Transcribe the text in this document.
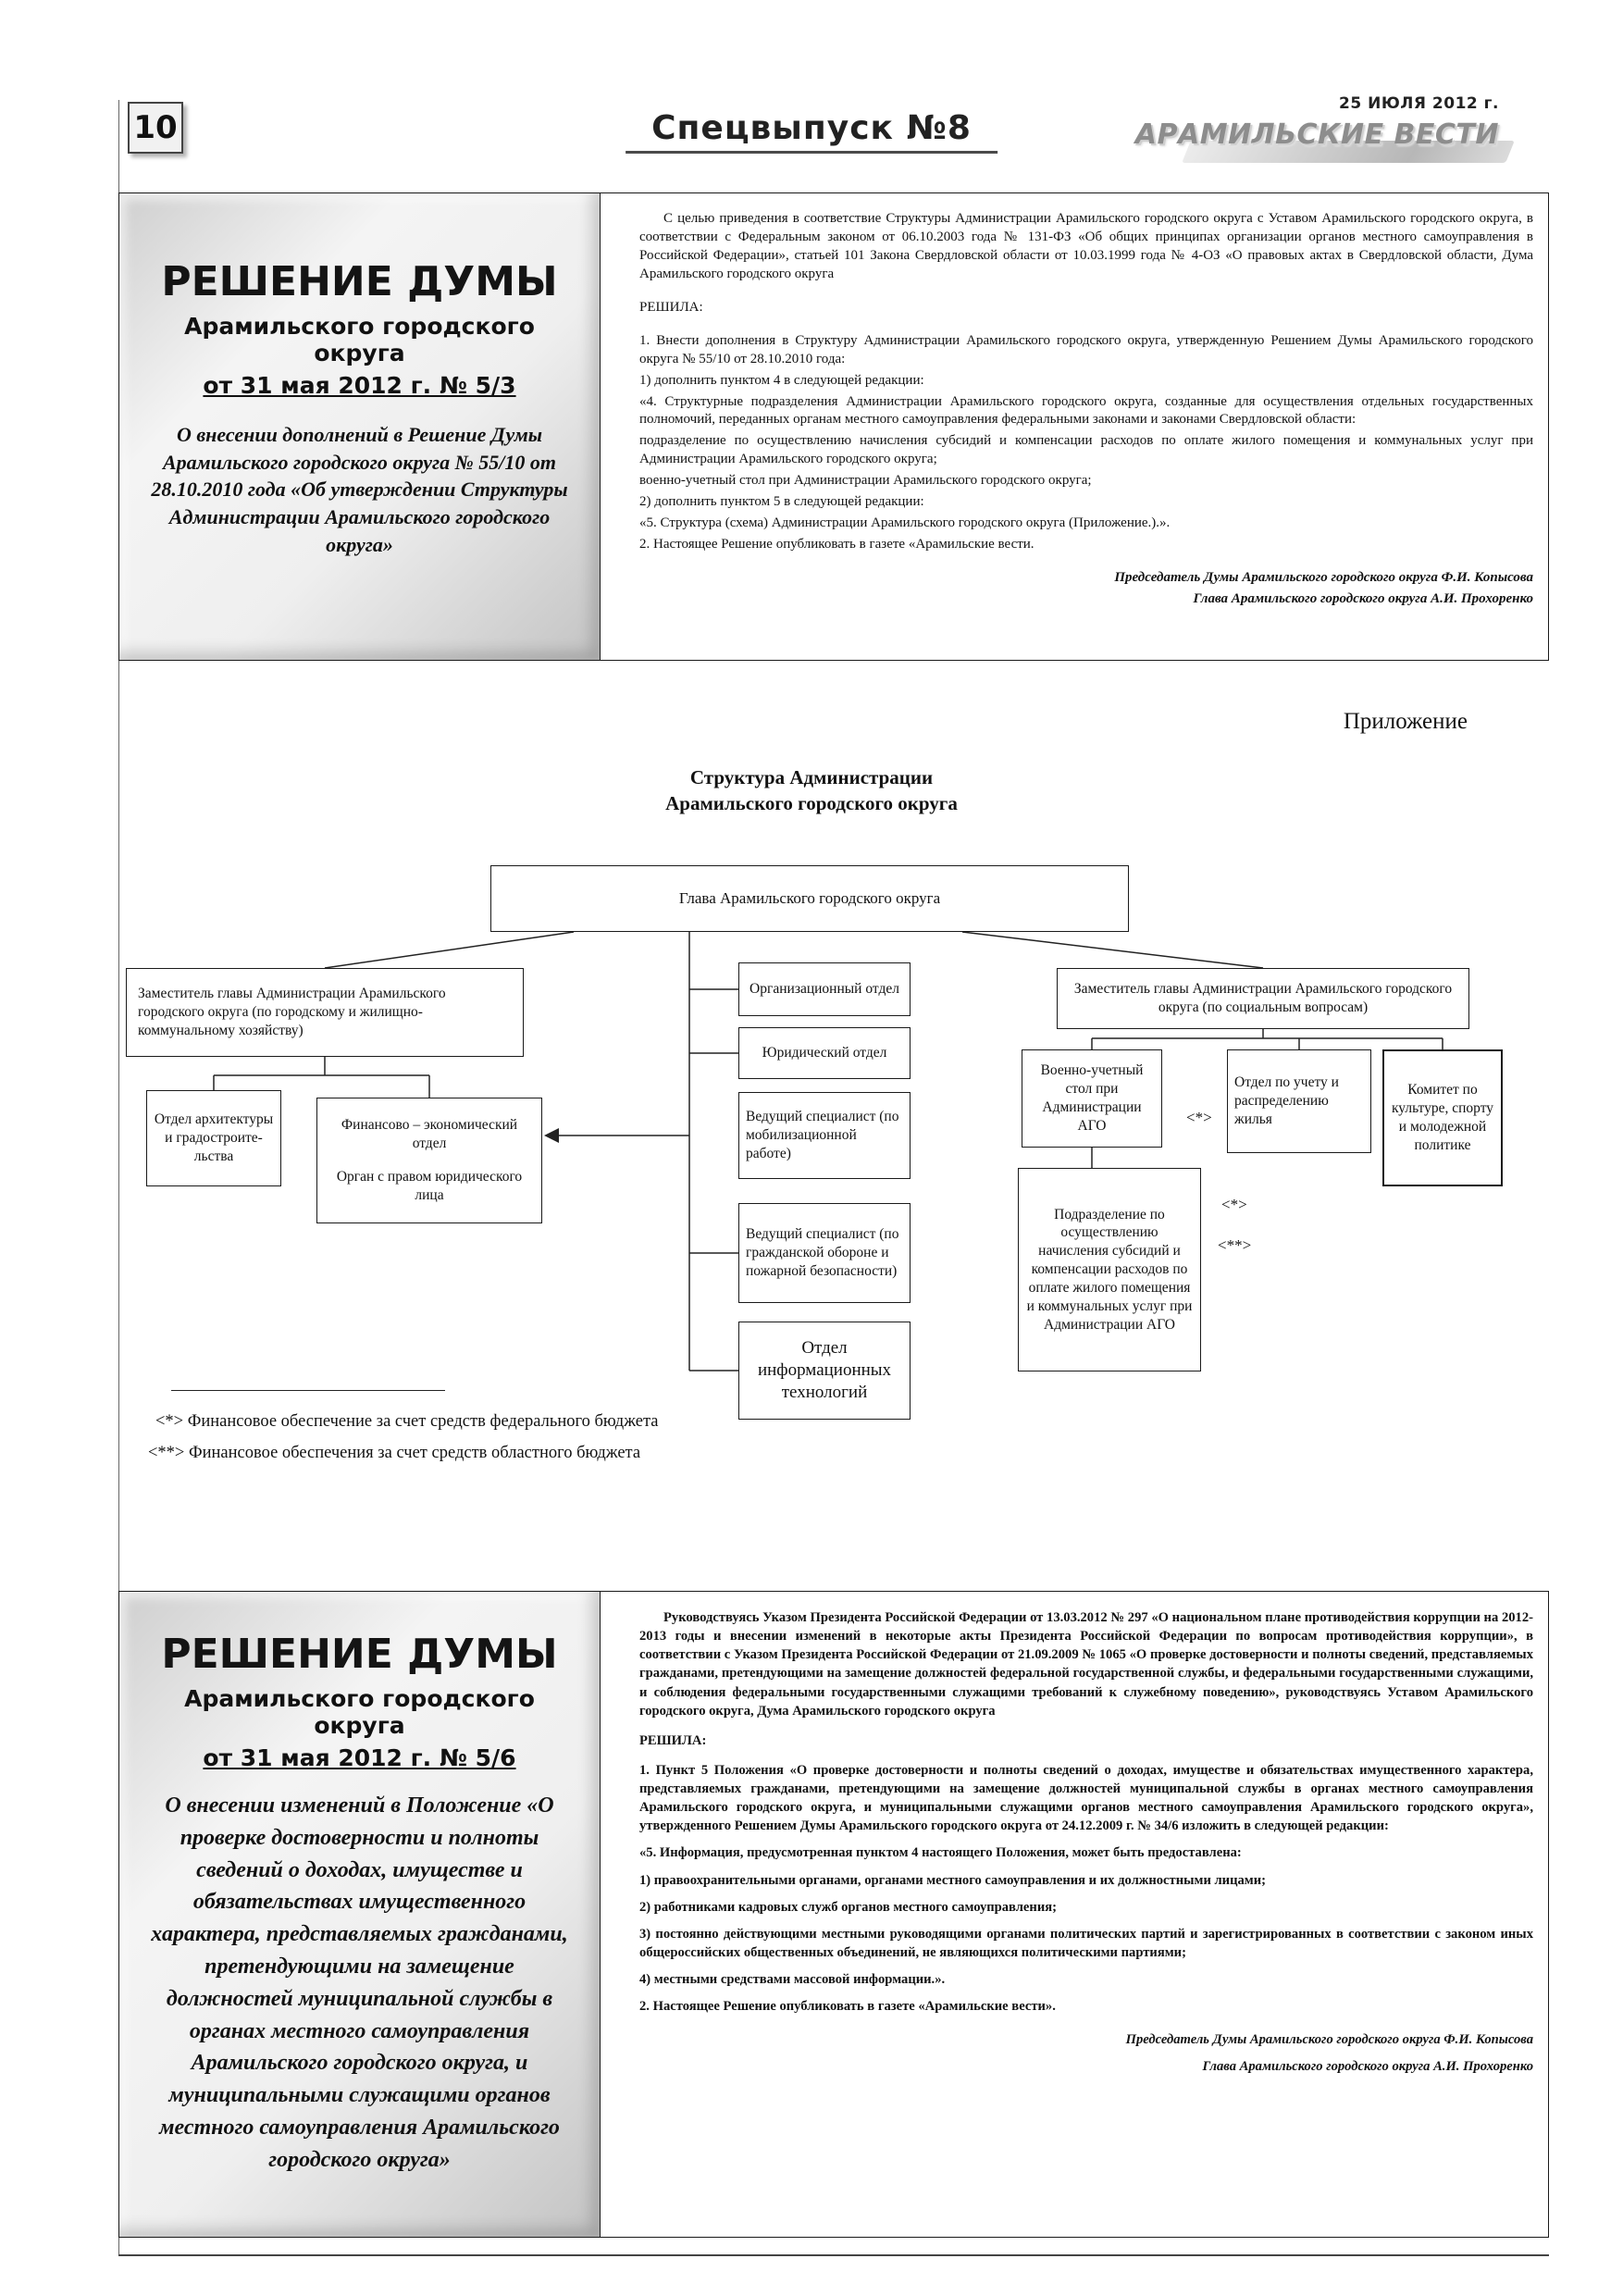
10	Спецвыпуск №8
25 ИЮЛЯ 2012 г.
АРАМИЛЬСКИЕ ВЕСТИ
РЕШЕНИЕ ДУМЫ
Арамильского городского округа
от 31 мая 2012 г. № 5/3
О внесении дополнений в Решение Думы Арамильского городского округа № 55/10 от 28.10.2010 года «Об утверждении Структуры Администрации Арамильского городского округа»

С целью приведения в соответствие Структуры Администрации Арамильского городского округа с Уставом Арамильского городского округа, в соответствии с Федеральным законом от 06.10.2003 года № 131-ФЗ «Об общих принципах организации органов местного самоуправления в Российской Федерации», статьей 101 Закона Свердловской области от 10.03.1999 года № 4-ОЗ «О правовых актах в Свердловской области, Дума Арамильского городского округа

РЕШИЛА:

1. Внести дополнения в Структуру Администрации Арамильского городского округа, утвержденную Решением Думы Арамильского городского округа № 55/10 от 28.10.2010 года:

1) дополнить пунктом 4 в следующей редакции:

«4. Структурные подразделения Администрации Арамильского городского округа, созданные для осуществления отдельных государственных полномочий, переданных органам местного самоуправления федеральными законами и законами Свердловской области:

подразделение по осуществлению начисления субсидий и компенсации расходов по оплате жилого помещения и коммунальных услуг при Администрации Арамильского городского округа;

военно-учетный стол при Администрации Арамильского городского округа;

2) дополнить пунктом 5 в следующей редакции:

«5. Структура (схема) Администрации Арамильского городского округа (Приложение.).».

2. Настоящее Решение опубликовать в газете «Арамильские вести.

Председатель Думы Арамильского городского округа Ф.И. Копысова

Глава Арамильского городского округа А.И. Прохоренко

Приложение
Структура Администрации
Арамильского городского округа
Глава Арамильского городского округа
Заместитель главы Администрации Арамильского городского округа (по городскому и жилищно-коммунальному хозяйству)
Отдел архитектуры и градостроите-льства
Финансово – экономический отдел
Орган с правом юридического лица
Организационный отдел
Юридический отдел
Ведущий специалист (по мобилизационной работе)
Ведущий специалист (по гражданской обороне и пожарной безопасности)
Отдел информационных технологий
Заместитель главы Администрации Арамильского городского округа (по социальным вопросам)
Военно-учетный стол при Администрации АГО
Отдел по учету и распределению жилья
Комитет по культуре, спорту и молодежной политике
Подразделение по осуществлению начисления субсидий и компенсации расходов по оплате жилого помещения и коммунальных услуг при Администрации АГО
<*>
<*>
<**>
<*> Финансовое обеспечение за счет средств федерального бюджета
<**> Финансовое обеспечения за счет средств областного бюджета
РЕШЕНИЕ ДУМЫ
Арамильского городского округа
от 31 мая 2012 г. № 5/6
О внесении изменений в Положение «О проверке достоверности и полноты сведений о доходах, имуществе и обязательствах имущественного характера, представляемых гражданами, претендующими на замещение должностей муниципальной службы в органах местного самоуправления Арамильского городского округа, и муниципальными служащими органов местного самоуправления Арамильского городского округа»

Руководствуясь Указом Президента Российской Федерации от 13.03.2012 № 297 «О национальном плане противодействия коррупции на 2012-2013 годы и внесении изменений в некоторые акты Президента Российской Федерации по вопросам противодействия коррупции», в соответствии с Указом Президента Российской Федерации от 21.09.2009 № 1065 «О проверке достоверности и полноты сведений, представляемых гражданами, претендующими на замещение должностей федеральной государственной службы, и федеральными государственными служащими, и соблюдения федеральными государственными служащими требований к служебному поведению», руководствуясь Уставом Арамильского городского округа, Дума Арамильского городского округа

РЕШИЛА:

1. Пункт 5 Положения «О проверке достоверности и полноты сведений о доходах, имуществе и обязательствах имущественного характера, представляемых гражданами, претендующими на замещение должностей муниципальной службы в органах местного самоуправления Арамильского городского округа, и муниципальными служащими органов местного самоуправления Арамильского городского округа», утвержденного Решением Думы Арамильского городского округа от 24.12.2009 г. № 34/6 изложить в следующей редакции:

«5. Информация, предусмотренная пунктом 4 настоящего Положения, может быть предоставлена:

1) правоохранительными органами, органами местного самоуправления и их должностными лицами;

2) работниками кадровых служб органов местного самоуправления;

3) постоянно действующими местными руководящими органами политических партий и зарегистрированных в соответствии с законом иных общероссийских общественных объединений, не являющихся политическими партиями;

4) местными средствами массовой информации.».

2. Настоящее Решение опубликовать в газете «Арамильские вести».

Председатель Думы Арамильского городского округа Ф.И. Копысова

Глава Арамильского городского округа А.И. Прохоренко
